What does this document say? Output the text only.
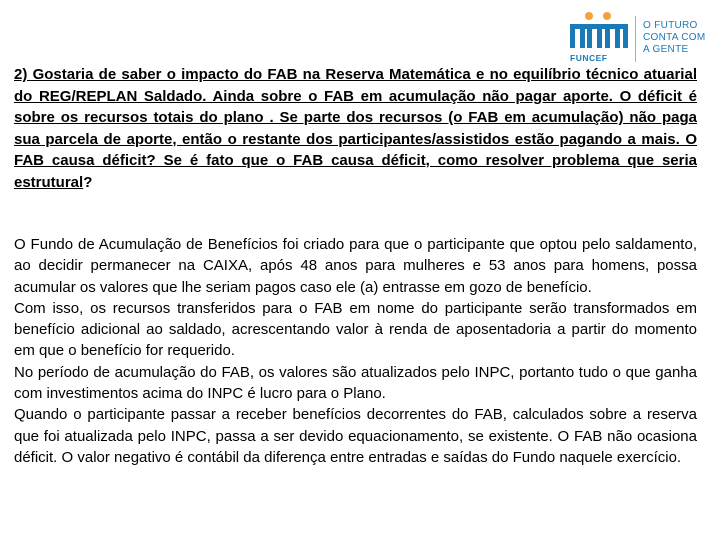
FUNCEF
O FUTURO
CONTA COM
A GENTE

2) Gostaria de saber o impacto do FAB na Reserva Matemática e no equilíbrio técnico atuarial do REG/REPLAN Saldado. Ainda sobre o FAB em acumulação não pagar aporte. O déficit é sobre os recursos totais do plano . Se parte dos recursos (o FAB em acumulação) não paga sua parcela de aporte, então o restante dos participantes/assistidos estão pagando a mais. O FAB causa déficit? Se é fato que o FAB causa déficit, como resolver problema que seria estrutural?

O Fundo de Acumulação de Benefícios foi criado para que o participante que optou pelo saldamento, ao decidir permanecer na CAIXA, após 48 anos para mulheres e 53 anos para homens, possa acumular os valores que lhe seriam pagos caso ele (a) entrasse em gozo de benefício.

Com isso, os recursos transferidos para o FAB em nome do participante serão transformados em benefício adicional ao saldado, acrescentando valor à renda de aposentadoria a partir do momento em que o benefício for requerido.

No período de acumulação do FAB, os valores são atualizados pelo INPC, portanto tudo o que ganha com investimentos acima do INPC é lucro para o Plano.

Quando o participante passar a receber benefícios decorrentes do FAB, calculados sobre a reserva que foi atualizada pelo INPC, passa a ser devido equacionamento, se existente. O FAB não ocasiona déficit. O valor negativo é contábil da diferença entre entradas e saídas do Fundo naquele exercício.
